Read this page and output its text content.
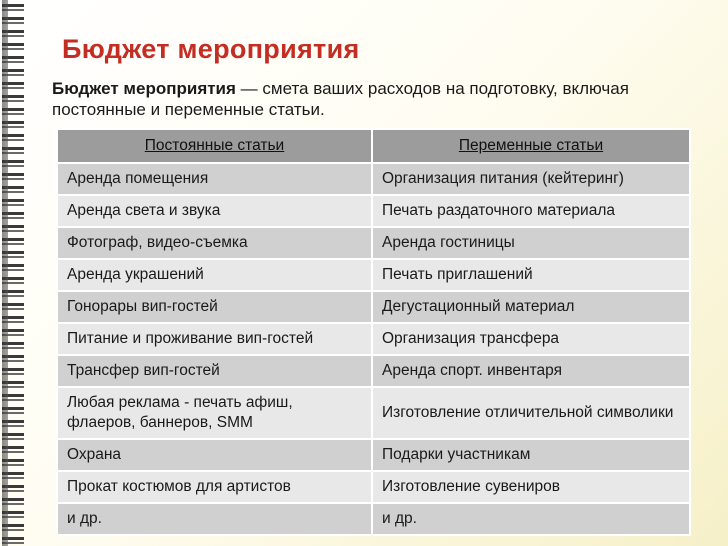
Бюджет мероприятия

Бюджет мероприятия — смета ваших расходов на подготовку, включая постоянные и переменные статьи.

Постоянные статьи	Переменные статьи
Аренда помещения	Организация питания (кейтеринг)
Аренда света и звука	Печать раздаточного материала
Фотограф, видео-съемка	Аренда гостиницы
Аренда украшений	Печать приглашений
Гонорары вип-гостей	Дегустационный материал
Питание и проживание вип-гостей	Организация трансфера
Трансфер вип-гостей	Аренда спорт. инвентаря
Любая реклама - печать афиш, флаеров, баннеров, SMM	Изготовление отличительной символики
Охрана	Подарки участникам
Прокат костюмов для артистов	Изготовление сувениров
и др.	и др.
